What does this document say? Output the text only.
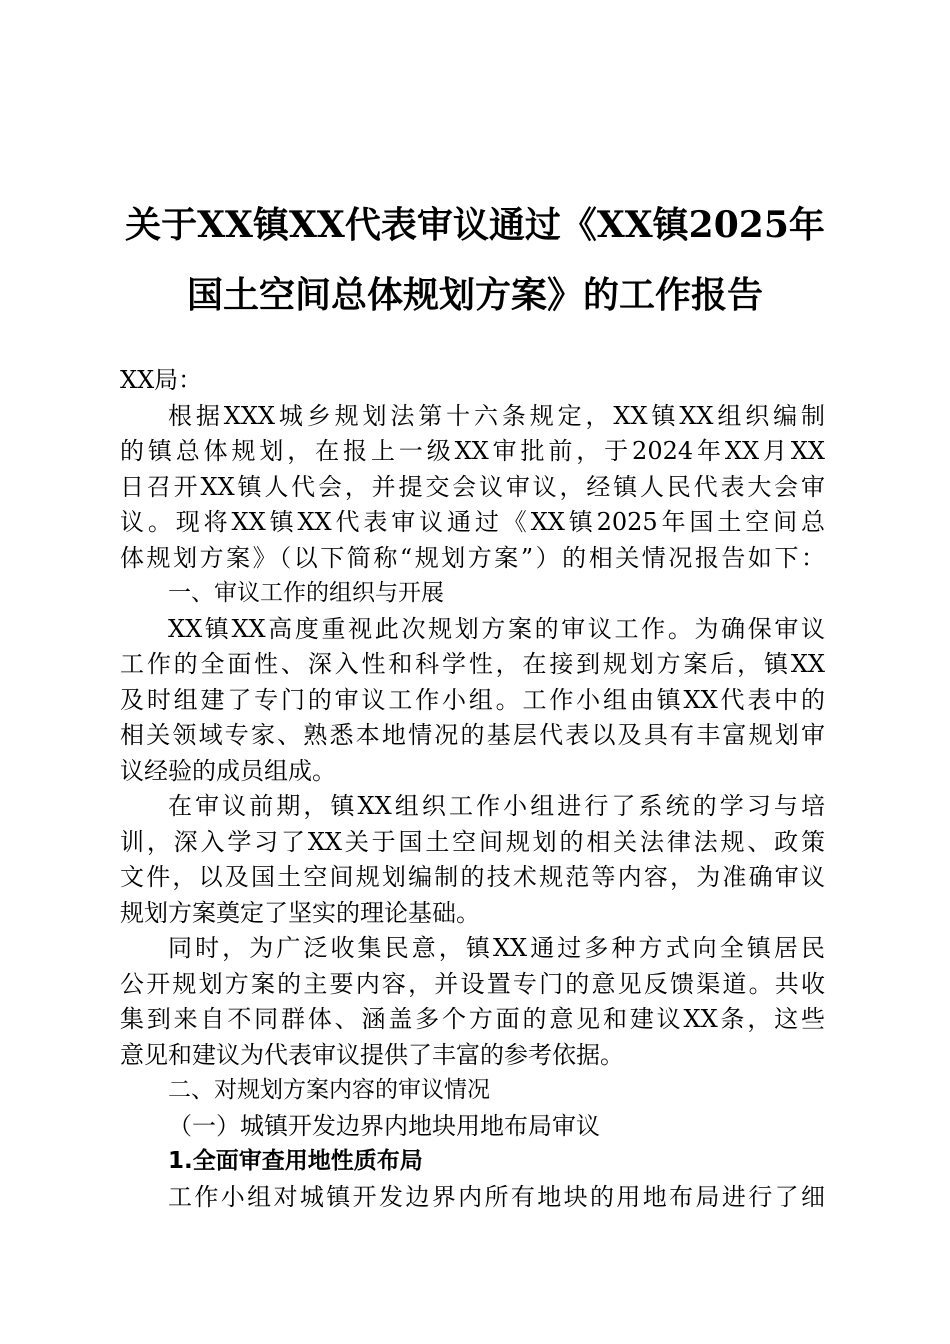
关于XX镇XX代表审议通过《XX镇2025年
国土空间总体规划方案》的工作报告
XX局：
根据XXX城乡规划法第十六条规定，XX镇XX组织编制
的镇总体规划，在报上一级XX审批前，于2024年XX月XX
日召开XX镇人代会，并提交会议审议，经镇人民代表大会审
议。现将XX镇XX代表审议通过《XX镇2025年国土空间总
体规划方案》（以下简称“规划方案”）的相关情况报告如下：
一、审议工作的组织与开展
XX镇XX高度重视此次规划方案的审议工作。为确保审议
工作的全面性、深入性和科学性，在接到规划方案后，镇XX
及时组建了专门的审议工作小组。工作小组由镇XX代表中的
相关领域专家、熟悉本地情况的基层代表以及具有丰富规划审
议经验的成员组成。
在审议前期，镇XX组织工作小组进行了系统的学习与培
训，深入学习了XX关于国土空间规划的相关法律法规、政策
文件，以及国土空间规划编制的技术规范等内容，为准确审议
规划方案奠定了坚实的理论基础。
同时，为广泛收集民意，镇XX通过多种方式向全镇居民
公开规划方案的主要内容，并设置专门的意见反馈渠道。共收
集到来自不同群体、涵盖多个方面的意见和建议XX条，这些
意见和建议为代表审议提供了丰富的参考依据。
二、对规划方案内容的审议情况
（一）城镇开发边界内地块用地布局审议
1.全面审查用地性质布局
工作小组对城镇开发边界内所有地块的用地布局进行了细
